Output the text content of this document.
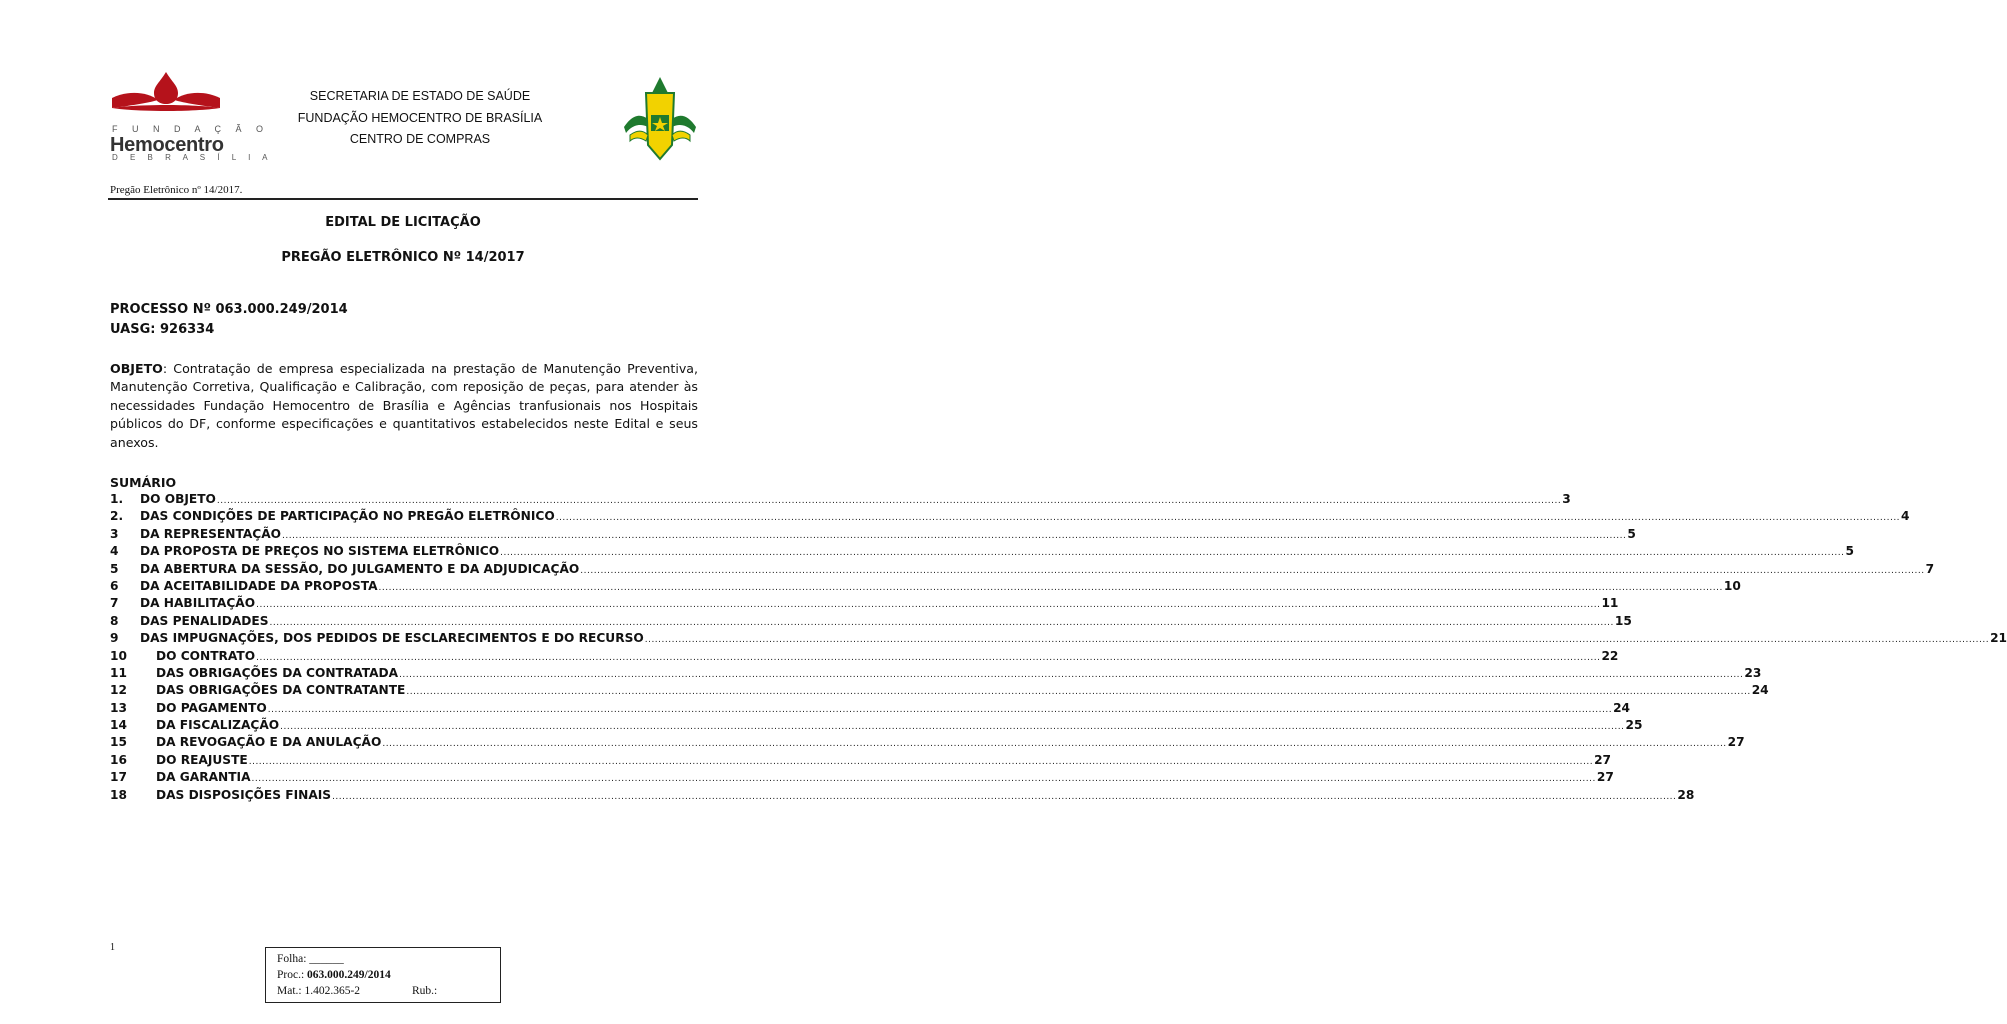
F U N D A Ç Ã O
Hemocentro
D E B R A S Í L I A
SECRETARIA DE ESTADO DE SAÚDE
FUNDAÇÃO HEMOCENTRO DE BRASÍLIA
CENTRO DE COMPRAS
Pregão Eletrônico nº 14/2017.
EDITAL DE LICITAÇÃO
PREGÃO ELETRÔNICO Nº 14/2017
PROCESSO Nº 063.000.249/2014
UASG: 926334
OBJETO: Contratação de empresa especializada na prestação de Manutenção Preventiva, Manutenção Corretiva, Qualificação e Calibração, com reposição de peças, para atender às necessidades Fundação Hemocentro de Brasília e Agências tranfusionais nos Hospitais públicos do DF, conforme especificações e quantitativos estabelecidos neste Edital e seus anexos.
SUMÁRIO
1.	DO OBJETO ................................................................................................................................................................................................................................................................................................................................................................................................................ 3
2.	DAS CONDIÇÕES DE PARTICIPAÇÃO NO PREGÃO ELETRÔNICO ................................................................................................................................................................................................................................................................................................................................................................................................................ 4
3	DA REPRESENTAÇÃO ................................................................................................................................................................................................................................................................................................................................................................................................................ 5
4	DA PROPOSTA DE PREÇOS NO SISTEMA ELETRÔNICO ................................................................................................................................................................................................................................................................................................................................................................................................................ 5
5	DA ABERTURA DA SESSÃO, DO JULGAMENTO E DA ADJUDICAÇÃO ................................................................................................................................................................................................................................................................................................................................................................................................................ 7
6	DA ACEITABILIDADE DA PROPOSTA ................................................................................................................................................................................................................................................................................................................................................................................................................ 10
7	DA HABILITAÇÃO ................................................................................................................................................................................................................................................................................................................................................................................................................ 11
8	DAS PENALIDADES ................................................................................................................................................................................................................................................................................................................................................................................................................ 15
9	DAS IMPUGNAÇÕES, DOS PEDIDOS DE ESCLARECIMENTOS E DO RECURSO ................................................................................................................................................................................................................................................................................................................................................................................................................ 21
10	DO CONTRATO ................................................................................................................................................................................................................................................................................................................................................................................................................ 22
11	DAS OBRIGAÇÕES DA CONTRATADA ................................................................................................................................................................................................................................................................................................................................................................................................................ 23
12	DAS OBRIGAÇÕES DA CONTRATANTE ................................................................................................................................................................................................................................................................................................................................................................................................................ 24
13	DO PAGAMENTO ................................................................................................................................................................................................................................................................................................................................................................................................................ 24
14	DA FISCALIZAÇÃO ................................................................................................................................................................................................................................................................................................................................................................................................................ 25
15	DA REVOGAÇÃO E DA ANULAÇÃO ................................................................................................................................................................................................................................................................................................................................................................................................................ 27
16	DO REAJUSTE ................................................................................................................................................................................................................................................................................................................................................................................................................ 27
17	DA GARANTIA ................................................................................................................................................................................................................................................................................................................................................................................................................ 27
18	DAS DISPOSIÇÕES FINAIS ................................................................................................................................................................................................................................................................................................................................................................................................................ 28
1
Folha: ______
Proc.: 063.000.249/2014
Mat.: 1.402.365-2	Rub.:
